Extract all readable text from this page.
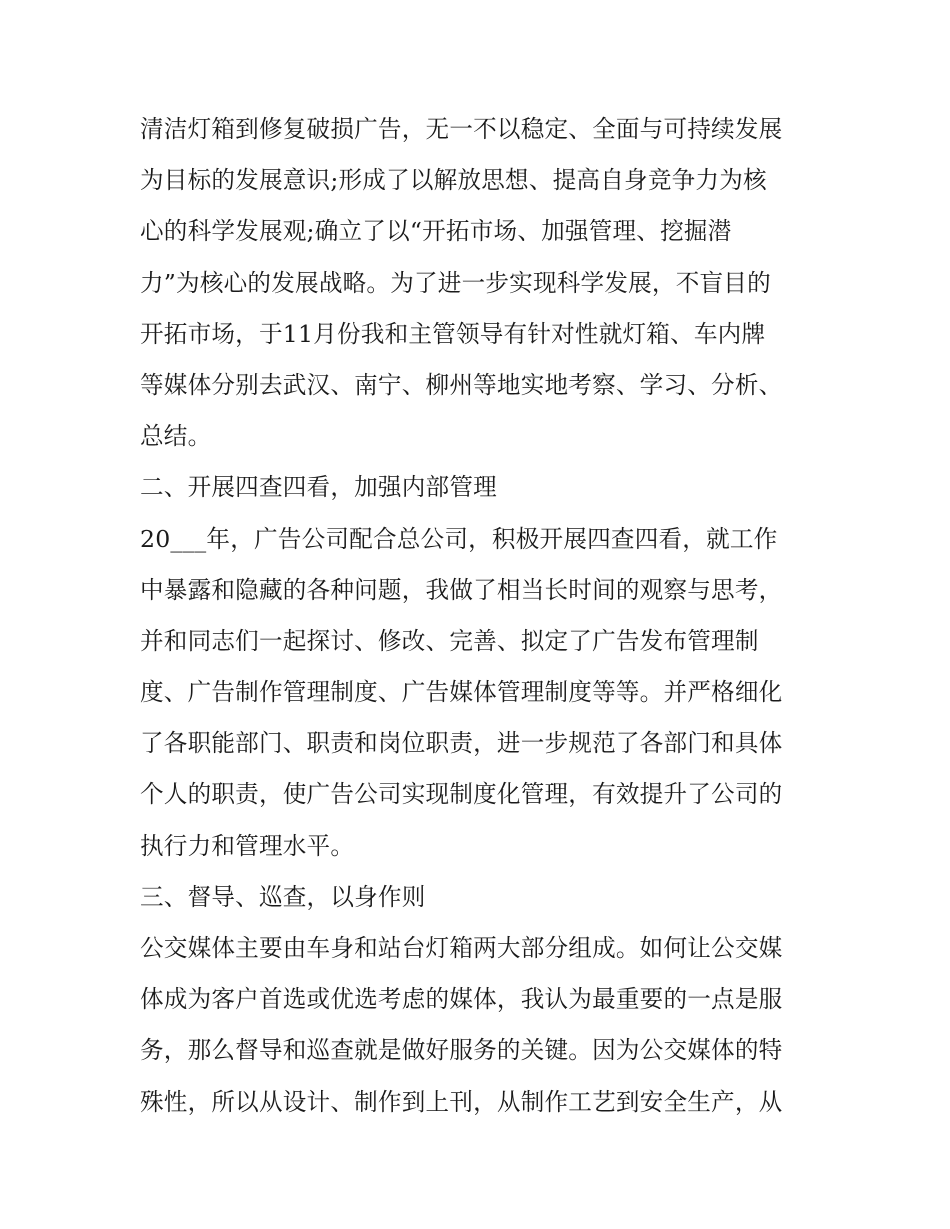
清洁灯箱到修复破损广告，无一不以稳定、全面与可持续发展
为目标的发展意识;形成了以解放思想、提高自身竞争力为核
心的科学发展观;确立了以“开拓市场、加强管理、挖掘潜
力”为核心的发展战略。为了进一步实现科学发展，不盲目的
开拓市场，于11月份我和主管领导有针对性就灯箱、车内牌
等媒体分别去武汉、南宁、柳州等地实地考察、学习、分析、
总结。
二、开展四查四看，加强内部管理
20___年，广告公司配合总公司，积极开展四查四看，就工作
中暴露和隐藏的各种问题，我做了相当长时间的观察与思考，
并和同志们一起探讨、修改、完善、拟定了广告发布管理制
度、广告制作管理制度、广告媒体管理制度等等。并严格细化
了各职能部门、职责和岗位职责，进一步规范了各部门和具体
个人的职责，使广告公司实现制度化管理，有效提升了公司的
执行力和管理水平。
三、督导、巡查，以身作则
公交媒体主要由车身和站台灯箱两大部分组成。如何让公交媒
体成为客户首选或优选考虑的媒体，我认为最重要的一点是服
务，那么督导和巡查就是做好服务的关键。因为公交媒体的特
殊性，所以从设计、制作到上刊，从制作工艺到安全生产，从
